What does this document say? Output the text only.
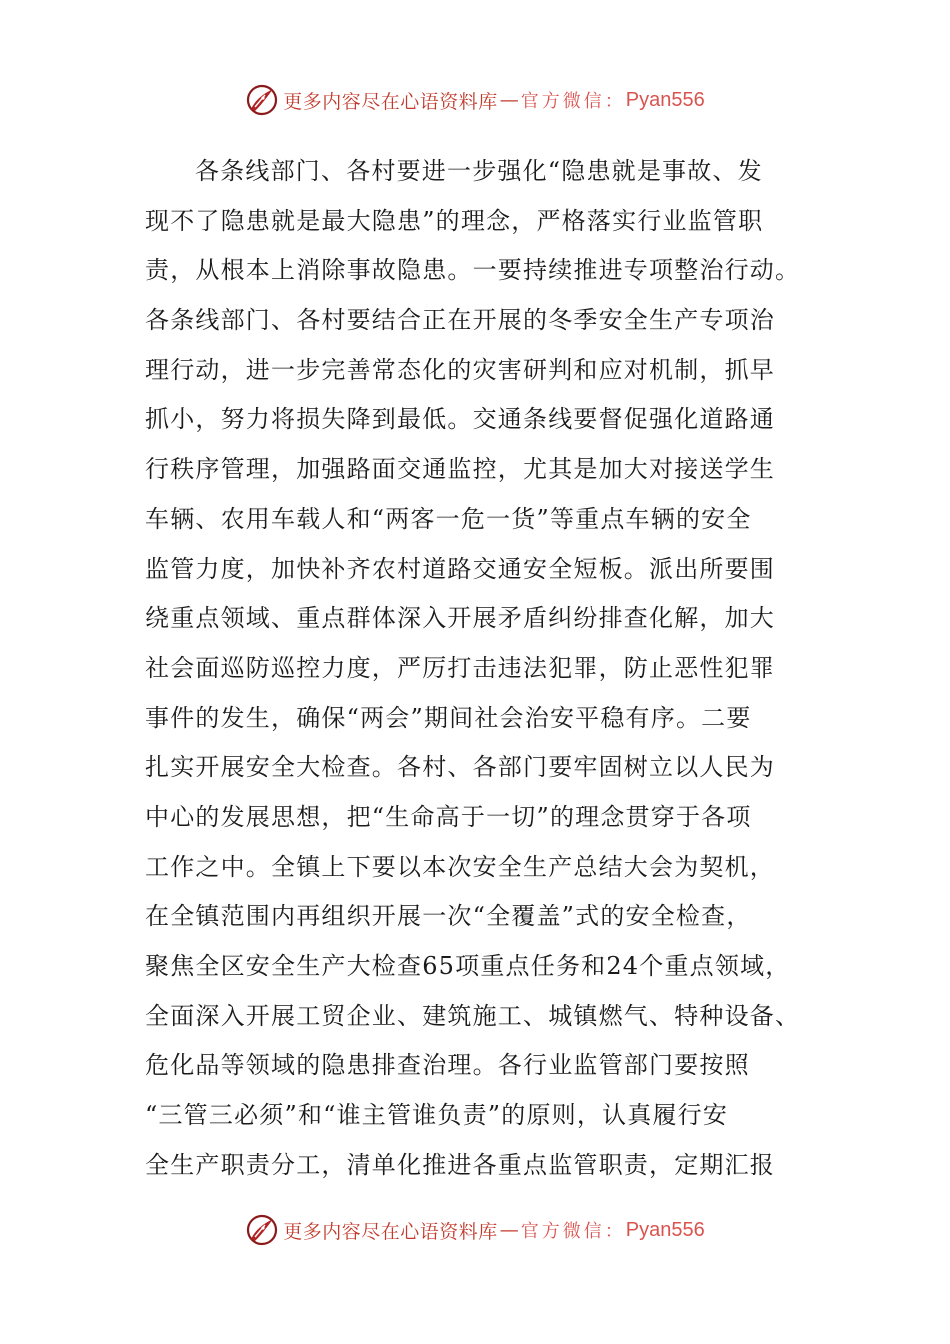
更多内容尽在心语资料库 — 官方微信： Pyan556
各条线部门、各村要进一步强化“隐患就是事故、发
现不了隐患就是最大隐患”的理念，严格落实行业监管职
责，从根本上消除事故隐患。一要持续推进专项整治行动。
各条线部门、各村要结合正在开展的冬季安全生产专项治
理行动，进一步完善常态化的灾害研判和应对机制，抓早
抓小，努力将损失降到最低。交通条线要督促强化道路通
行秩序管理，加强路面交通监控，尤其是加大对接送学生
车辆、农用车载人和“两客一危一货”等重点车辆的安全
监管力度，加快补齐农村道路交通安全短板。派出所要围
绕重点领域、重点群体深入开展矛盾纠纷排查化解，加大
社会面巡防巡控力度，严厉打击违法犯罪，防止恶性犯罪
事件的发生，确保“两会”期间社会治安平稳有序。二要
扎实开展安全大检查。各村、各部门要牢固树立以人民为
中心的发展思想，把“生命高于一切”的理念贯穿于各项
工作之中。全镇上下要以本次安全生产总结大会为契机，
在全镇范围内再组织开展一次“全覆盖”式的安全检查，
聚焦全区安全生产大检查65项重点任务和24个重点领域，
全面深入开展工贸企业、建筑施工、城镇燃气、特种设备、
危化品等领域的隐患排查治理。各行业监管部门要按照
“三管三必须”和“谁主管谁负责”的原则，认真履行安
全生产职责分工，清单化推进各重点监管职责，定期汇报
更多内容尽在心语资料库 — 官方微信： Pyan556
